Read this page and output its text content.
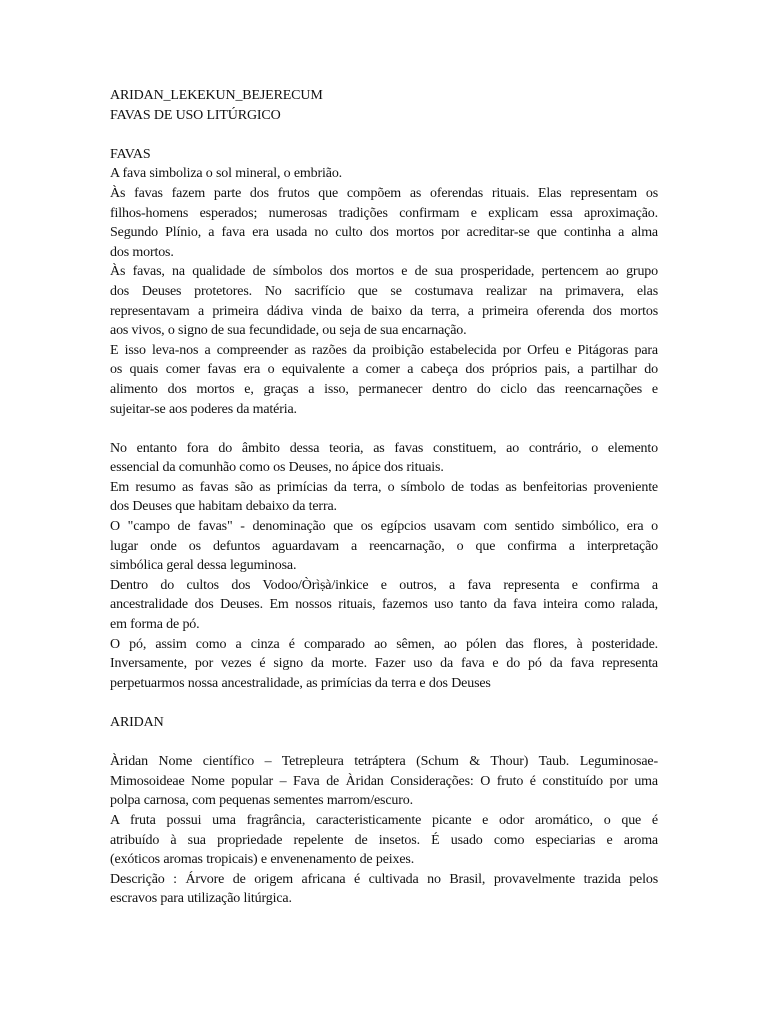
ARIDAN_LEKEKUN_BEJERECUM

FAVAS DE USO LITÚRGICO

FAVAS

A fava simboliza o sol mineral, o embrião.

Às favas fazem parte dos frutos que compõem as oferendas rituais. Elas representam os

filhos-homens esperados; numerosas tradições confirmam e explicam essa aproximação.

Segundo Plínio, a fava era usada no culto dos mortos por acreditar-se que continha a alma

dos mortos.

Às favas, na qualidade de símbolos dos mortos e de sua prosperidade, pertencem ao grupo

dos Deuses protetores. No sacrifício que se costumava realizar na primavera, elas

representavam a primeira dádiva vinda de baixo da terra, a primeira oferenda dos mortos

aos vivos, o signo de sua fecundidade, ou seja de sua encarnação.

E isso leva-nos a compreender as razões da proibição estabelecida por Orfeu e Pitágoras para

os quais comer favas era o equivalente a comer a cabeça dos próprios pais, a partilhar do

alimento dos mortos e, graças a isso, permanecer dentro do ciclo das reencarnações e

sujeitar-se aos poderes da matéria.

No entanto fora do âmbito dessa teoria, as favas constituem, ao contrário, o elemento

essencial da comunhão como os Deuses, no ápice dos rituais.

Em resumo as favas são as primícias da terra, o símbolo de todas as benfeitorias proveniente

dos Deuses que habitam debaixo da terra.

O "campo de favas" - denominação que os egípcios usavam com sentido simbólico, era o

lugar onde os defuntos aguardavam a reencarnação, o que confirma a interpretação

simbólica geral dessa leguminosa.

Dentro do cultos dos Vodoo/Òrìṣà/inkice e outros, a fava representa e confirma a

ancestralidade dos Deuses. Em nossos rituais, fazemos uso tanto da fava inteira como ralada,

em forma de pó.

O pó, assim como a cinza é comparado ao sêmen, ao pólen das flores, à posteridade.

Inversamente, por vezes é signo da morte. Fazer uso da fava e do pó da fava representa

perpetuarmos nossa ancestralidade, as primícias da terra e dos Deuses

ARIDAN

Àridan Nome científico – Tetrepleura tetráptera (Schum & Thour) Taub. Leguminosae-

Mimosoideae Nome popular – Fava de Àridan Considerações: O fruto é constituído por uma

polpa carnosa, com pequenas sementes marrom/escuro.

A fruta possui uma fragrância, caracteristicamente picante e odor aromático, o que é

atribuído à sua propriedade repelente de insetos. É usado como especiarias e aroma

(exóticos aromas tropicais) e envenenamento de peixes.

Descrição : Árvore de origem africana é cultivada no Brasil, provavelmente trazida pelos

escravos para utilização litúrgica.
